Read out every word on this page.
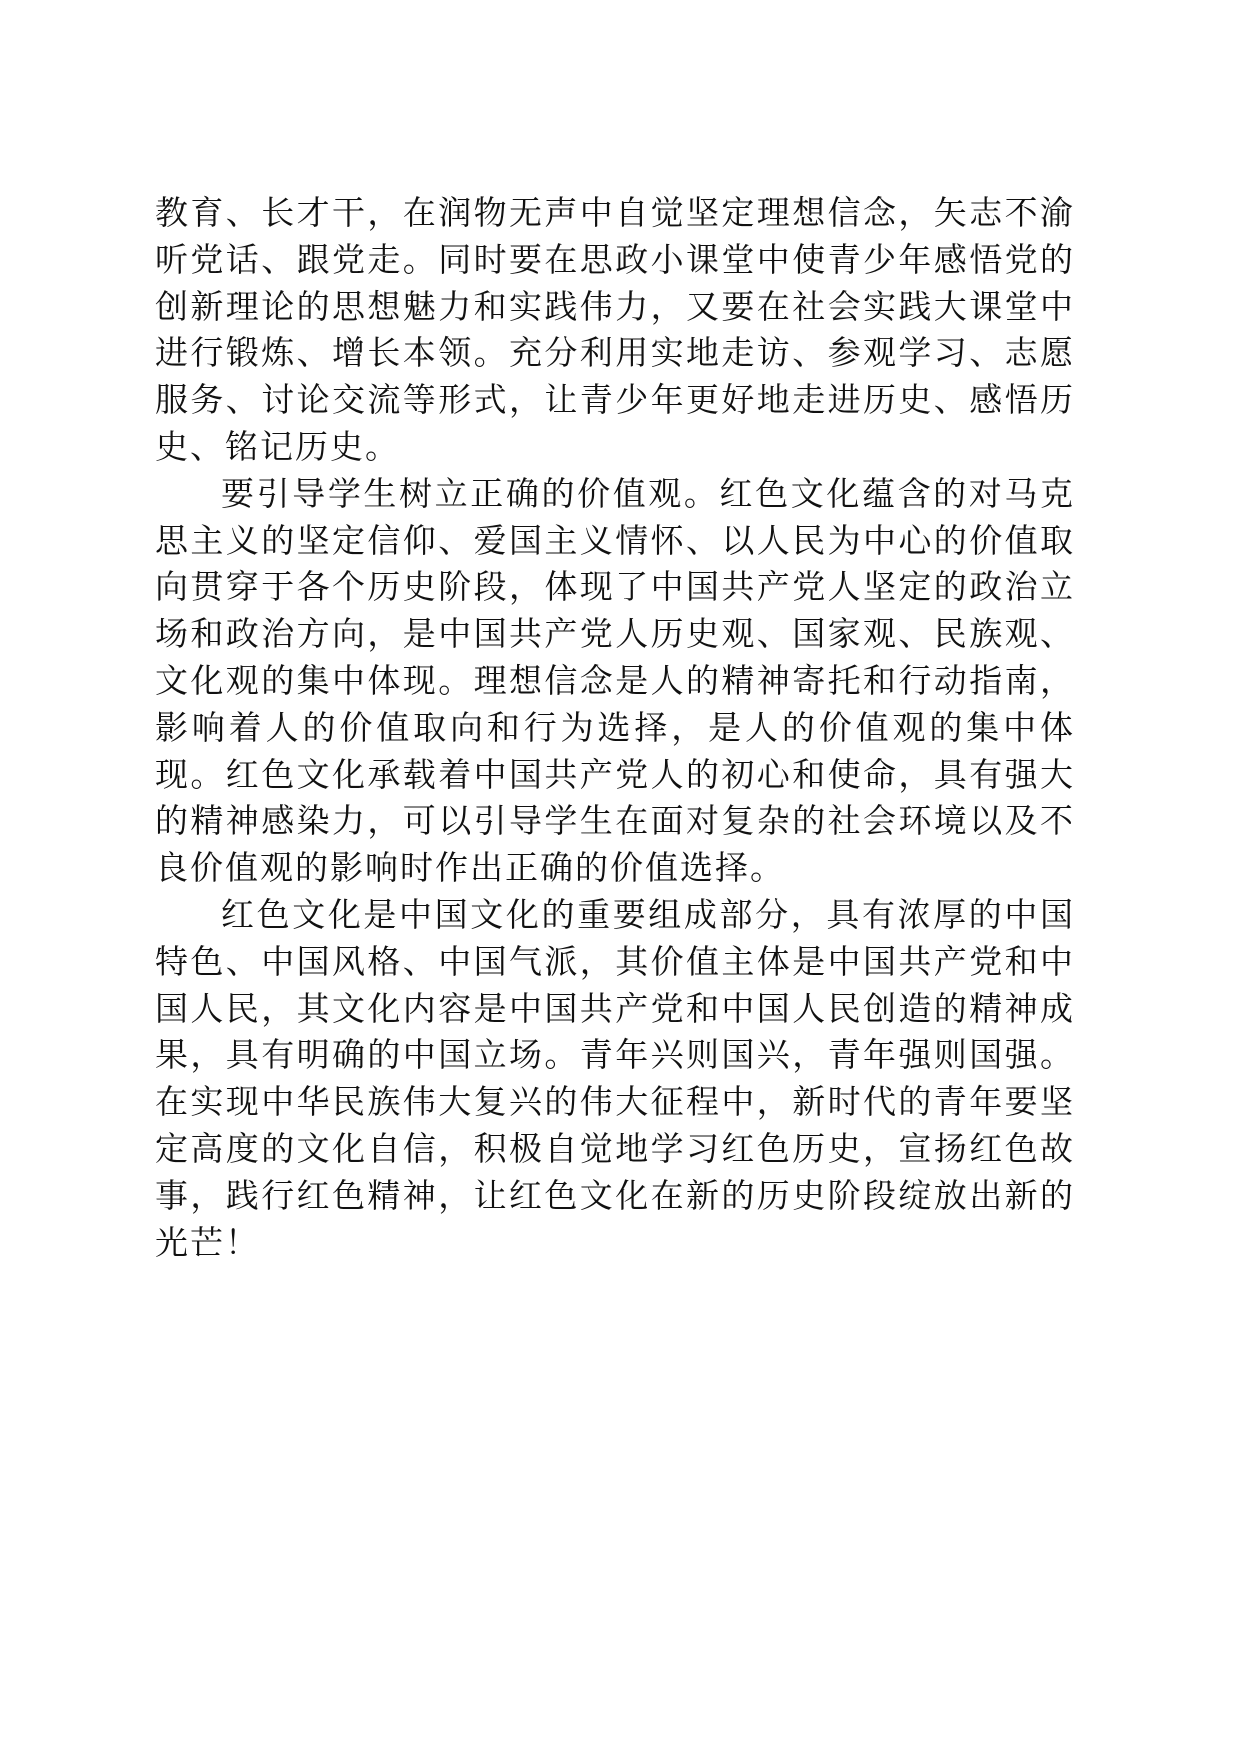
教育、长才干，在润物无声中自觉坚定理想信念，矢志不渝听党话、跟党走。同时要在思政小课堂中使青少年感悟党的创新理论的思想魅力和实践伟力，又要在社会实践大课堂中进行锻炼、增长本领。充分利用实地走访、参观学习、志愿服务、讨论交流等形式，让青少年更好地走进历史、感悟历史、铭记历史。

要引导学生树立正确的价值观。红色文化蕴含的对马克思主义的坚定信仰、爱国主义情怀、以人民为中心的价值取向贯穿于各个历史阶段，体现了中国共产党人坚定的政治立场和政治方向，是中国共产党人历史观、国家观、民族观、文化观的集中体现。理想信念是人的精神寄托和行动指南，影响着人的价值取向和行为选择，是人的价值观的集中体现。红色文化承载着中国共产党人的初心和使命，具有强大的精神感染力，可以引导学生在面对复杂的社会环境以及不良价值观的影响时作出正确的价值选择。

红色文化是中国文化的重要组成部分，具有浓厚的中国特色、中国风格、中国气派，其价值主体是中国共产党和中国人民，其文化内容是中国共产党和中国人民创造的精神成果，具有明确的中国立场。青年兴则国兴，青年强则国强。在实现中华民族伟大复兴的伟大征程中，新时代的青年要坚定高度的文化自信，积极自觉地学习红色历史，宣扬红色故事，践行红色精神，让红色文化在新的历史阶段绽放出新的光芒！
